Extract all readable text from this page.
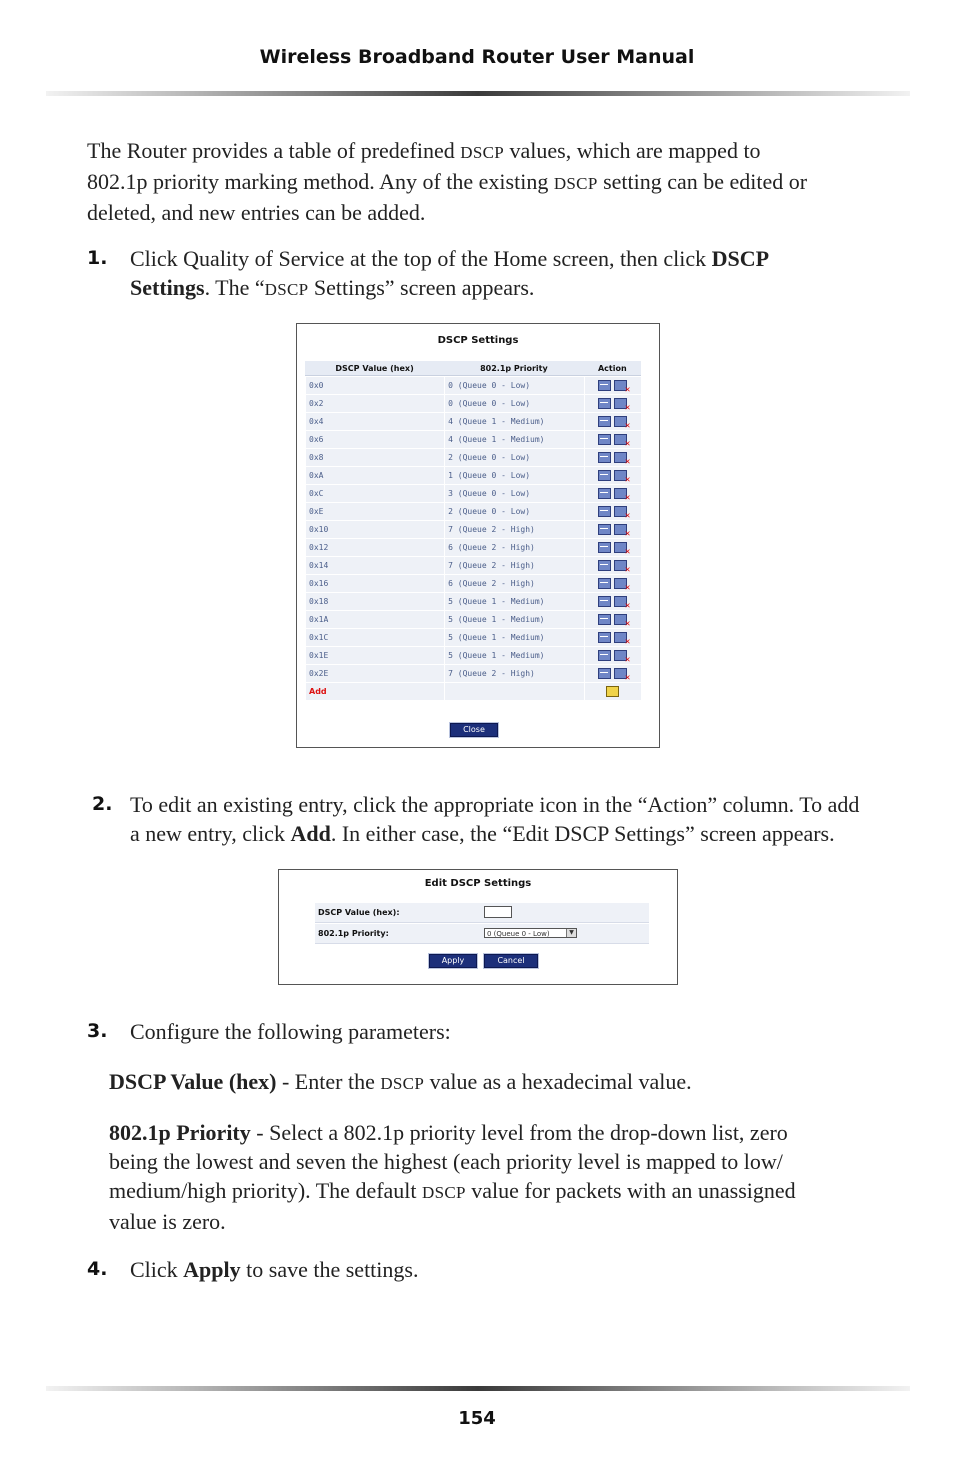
Wireless Broadband Router User Manual
The Router provides a table of predefined DSCP values, which are mapped to
802.1p priority marking method. Any of the existing DSCP setting can be edited or
deleted, and new entries can be added.
1. Click Quality of Service at the top of the Home screen, then click DSCP
Settings. The “DSCP Settings” screen appears.
DSCP Settings
DSCP Value (hex)	802.1p Priority	Action
0x0	0 (Queue 0 - Low)	✕
0x2	0 (Queue 0 - Low)	✕
0x4	4 (Queue 1 - Medium)	✕
0x6	4 (Queue 1 - Medium)	✕
0x8	2 (Queue 0 - Low)	✕
0xA	1 (Queue 0 - Low)	✕
0xC	3 (Queue 0 - Low)	✕
0xE	2 (Queue 0 - Low)	✕
0x10	7 (Queue 2 - High)	✕
0x12	6 (Queue 2 - High)	✕
0x14	7 (Queue 2 - High)	✕
0x16	6 (Queue 2 - High)	✕
0x18	5 (Queue 1 - Medium)	✕
0x1A	5 (Queue 1 - Medium)	✕
0x1C	5 (Queue 1 - Medium)	✕
0x1E	5 (Queue 1 - Medium)	✕
0x2E	7 (Queue 2 - High)	✕
Add		
Close
2. To edit an existing entry, click the appropriate icon in the “Action” column. To add
a new entry, click Add. In either case, the “Edit DSCP Settings” screen appears.
Edit DSCP Settings
DSCP Value (hex):
802.1p Priority:	0 (Queue 0 - Low)	▼
Apply	Cancel
3. Configure the following parameters:
DSCP Value (hex) - Enter the DSCP value as a hexadecimal value.
802.1p Priority - Select a 802.1p priority level from the drop-down list, zero
being the lowest and seven the highest (each priority level is mapped to low/
medium/high priority). The default DSCP value for packets with an unassigned
value is zero.
4. Click Apply to save the settings.
154
